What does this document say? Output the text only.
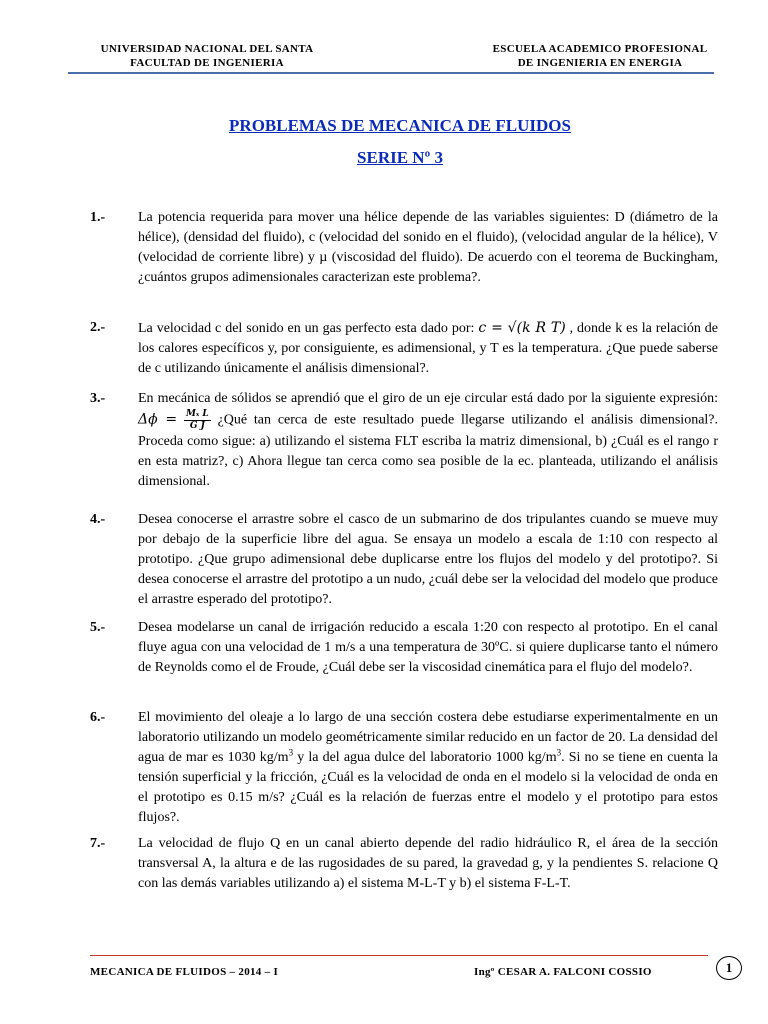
UNIVERSIDAD NACIONAL DEL SANTA
FACULTAD DE INGENIERIA
ESCUELA ACADEMICO PROFESIONAL
DE INGENIERIA EN ENERGIA
PROBLEMAS DE MECANICA DE FLUIDOS
SERIE Nº 3
1.- La potencia requerida para mover una hélice depende de las variables siguientes: D (diámetro de la hélice), (densidad del fluido), c (velocidad del sonido en el fluido), (velocidad angular de la hélice), V (velocidad de corriente libre) y µ (viscosidad del fluido). De acuerdo con el teorema de Buckingham, ¿cuántos grupos adimensionales caracterizan este problema?.
2.- La velocidad c del sonido en un gas perfecto esta dado por: c = √(k R T) , donde k es la relación de los calores específicos y, por consiguiente, es adimensional, y T es la temperatura. ¿Que puede saberse de c utilizando únicamente el análisis dimensional?.
3.- En mecánica de sólidos se aprendió que el giro de un eje circular está dado por la siguiente expresión: $\Delta\phi = \frac{\text{Mₓ L}}{\text{G J}}$ ¿Qué tan cerca de este resultado puede llegarse utilizando el análisis dimensional?. Proceda como sigue: a) utilizando el sistema FLT escriba la matriz dimensional, b) ¿Cuál es el rango r en esta matriz?, c) Ahora llegue tan cerca como sea posible de la ec. planteada, utilizando el análisis dimensional.
4.- Desea conocerse el arrastre sobre el casco de un submarino de dos tripulantes cuando se mueve muy por debajo de la superficie libre del agua. Se ensaya un modelo a escala de 1:10 con respecto al prototipo. ¿Que grupo adimensional debe duplicarse entre los flujos del modelo y del prototipo?. Si desea conocerse el arrastre del prototipo a un nudo, ¿cuál debe ser la velocidad del modelo que produce el arrastre esperado del prototipo?.
5.- Desea modelarse un canal de irrigación reducido a escala 1:20 con respecto al prototipo. En el canal fluye agua con una velocidad de 1 m/s a una temperatura de 30ºC. si quiere duplicarse tanto el número de Reynolds como el de Froude, ¿Cuál debe ser la viscosidad cinemática para el flujo del modelo?.
6.- El movimiento del oleaje a lo largo de una sección costera debe estudiarse experimentalmente en un laboratorio utilizando un modelo geométricamente similar reducido en un factor de 20. La densidad del agua de mar es 1030 $kg/m^3$ y la del agua dulce del laboratorio 1000 $kg/m^3$. Si no se tiene en cuenta la tensión superficial y la fricción, ¿Cuál es la velocidad de onda en el modelo si la velocidad de onda en el prototipo es 0.15 m/s? ¿Cuál es la relación de fuerzas entre el modelo y el prototipo para estos flujos?.
7.- La velocidad de flujo Q en un canal abierto depende del radio hidráulico R, el área de la sección transversal A, la altura e de las rugosidades de su pared, la gravedad g, y la pendientes S. relacione Q con las demás variables utilizando a) el sistema M-L-T y b) el sistema F-L-T.
MECANICA DE FLUIDOS – 2014 – I	Ingº CESAR A. FALCONI COSSIO	1
